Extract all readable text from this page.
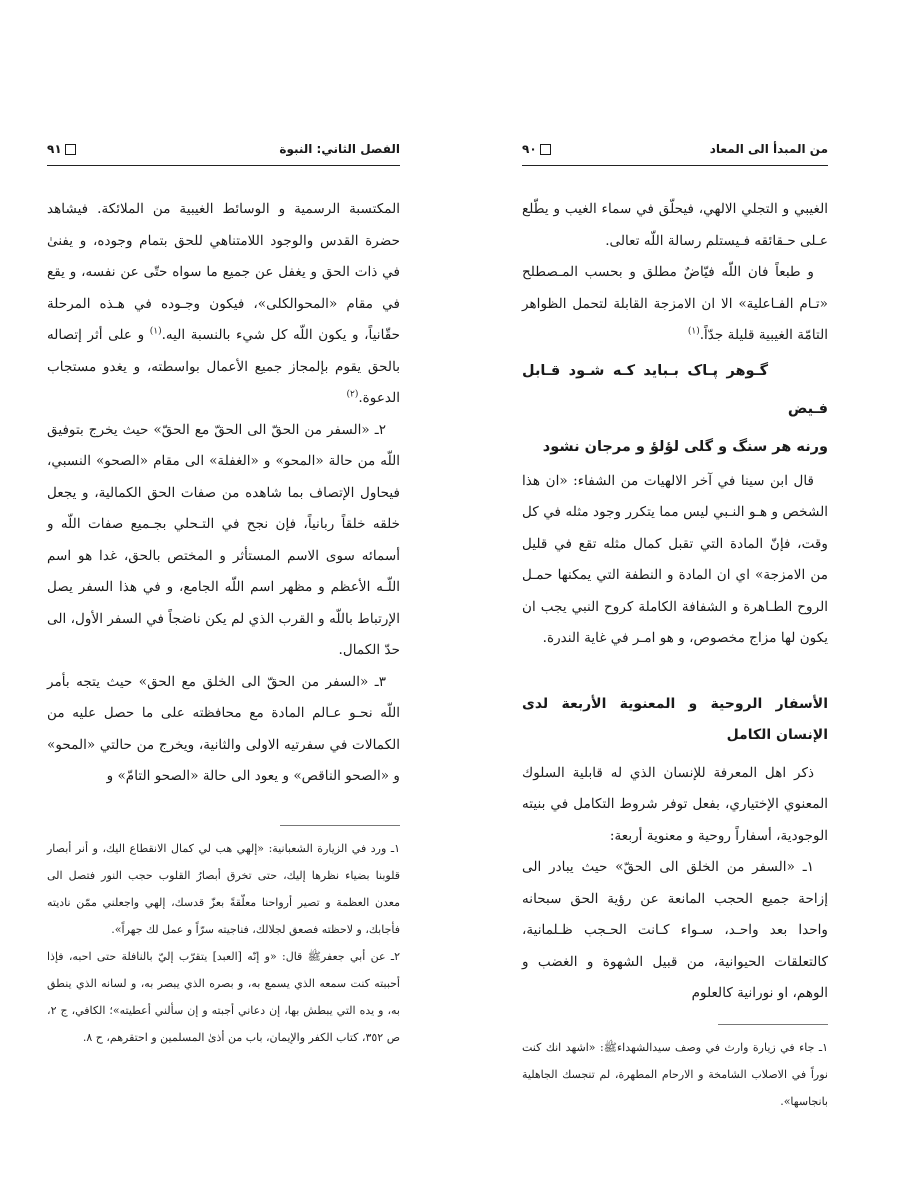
٩١	الفصل الثاني: النبوة

المكتسبة الرسمية و الوسائط الغيبية من الملائكة. فيشاهد حضرة القدس والوجود اللامتناهي للحق بتمام وجوده، و يفنىٰ في ذات الحق و يغفل عن جميع ما سواه حتّى عن نفسه، و يقع في مقام «المحوالكلى»، فيكون وجـوده في هـذه المرحلة حقّانياً، و يكون اللّه كل شيء بالنسبة اليه.$^{(١)}$ و على أثر إتصاله بالحق يقوم بإلمجاز جميع الأعمال بواسطته، و يغدو مستجاب الدعوة.$^{(٢)}$

٢ـ «السفر من الحقّ الى الحقّ مع الحقّ» حيث يخرج بتوفيق اللّه من حالة «المحو» و «الغفلة» الى مقام «الصحو» النسبي، فيحاول الإتصاف بما شاهده من صفات الحق الكمالية، و يجعل خلقه خلقاً ربانياً، فإن نجح في التـحلي بجـميع صفات اللّه و أسمائه سوى الاسم المستأثر و المختص بالحق، غدا هو اسم اللّـه الأعظم و مظهر اسم اللّه الجامع، و في هذا السفر يصل الإرتباط باللّه و القرب الذي لم يكن ناضجاً في السفر الأول، الى حدّ الكمال.

٣ـ «السفر من الحقّ الى الخلق مع الحق» حيث يتجه بأمر اللّه نحـو عـالم المادة مع محافظته على ما حصل عليه من الكمالات في سفرتيه الاولى والثانية، ويخرج من حالتي «المحو» و «الصحو الناقص» و يعود الى حالة «الصحو التامّ» و

١ـ ورد في الزيارة الشعبانية: «إلهي هب لي كمال الانقطاع اليك، و أنر أبصار قلوبنا بضياء نظرها إليك، حتى تخرق أبصارُ القلوب حجب النور فتصل الى معدن العظمة و تصير أرواحنا معلّقةً بعزّ قدسك، إلهي واجعلني ممّن ناديته فأجابك، و لاحظته فصعق لجلالك، فناجيته سرّاً و عمل لك جهراً».

٢ـ عن أبي جعفرﷺ قال: «و إنّه [العبد] يتقرّب إليّ بالنافلة حتى احبه، فإذا أحببته كنت سمعه الذي يسمع به، و بصره الذي يبصر به، و لسانه الذي ينطق به، و يده التي يبطش بها، إن دعاني أجبته و إن سألني أعطيته»؛ الكافي، ج ٢، ص ٣٥٢، كتاب الكفر والإيمان، باب من أذىٰ المسلمين و احتقرهم، ح ٨.

٩٠	من المبدأ الى المعاد

الغيبي و التجلي الالهي، فيحلّق في سماء الغيب و يطّلع عـلى حـقائقه فـيستلم رسالة اللّه تعالى.

و طبعاً فان اللّه فيّاضٌ مطلق و بحسب المـصطلح «تـام الفـاعلية» الا ان الامزجة القابلة لتحمل الظواهر التامّة الغيبية قليلة جدّاً.$^{(١)}$

گـوهر پـاک بـبايد کـه شـود قـابل فـيض

ورنه هر سنگ و گلی لؤلؤ و مرجان نشود

قال ابن سينا في آخر الالهيات من الشفاء: «ان هذا الشخص و هـو النـبي ليس مما يتكرر وجود مثله في كل وقت، فإنّ المادة التي تقبل كمال مثله تقع في قليل من الامزجة» اي ان المادة و النطفة التي يمكنها حمـل الروح الطـاهرة و الشفافة الكاملة كروح النبي يجب ان يكون لها مزاج مخصوص، و هو امـر في غاية الندرة.

الأسفار الروحية و المعنوية الأربعة لدى الإنسان الكامل

ذكر اهل المعرفة للإنسان الذي له قابلية السلوك المعنوي الإختياري، بفعل توفر شروط التكامل في بنيته الوجودية، أسفاراً روحية و معنوية أربعة:

١ـ «السفر من الخلق الى الحقّ» حيث يبادر الى إزاحة جميع الحجب المانعة عن رؤية الحق سبحانه واحدا بعد واحـد، سـواء كـانت الحـجب ظـلمانية، كالتعلقات الحيوانية، من قبيل الشهوة و الغضب و الوهم، او نورانية كالعلوم

١ـ جاء في زيارة وارث في وصف سيدالشهداءﷺ: «اشهد انك كنت نوراً في الاصلاب الشامخة و الارحام المطهرة، لم تنجسك الجاهلية بانجاسها».
